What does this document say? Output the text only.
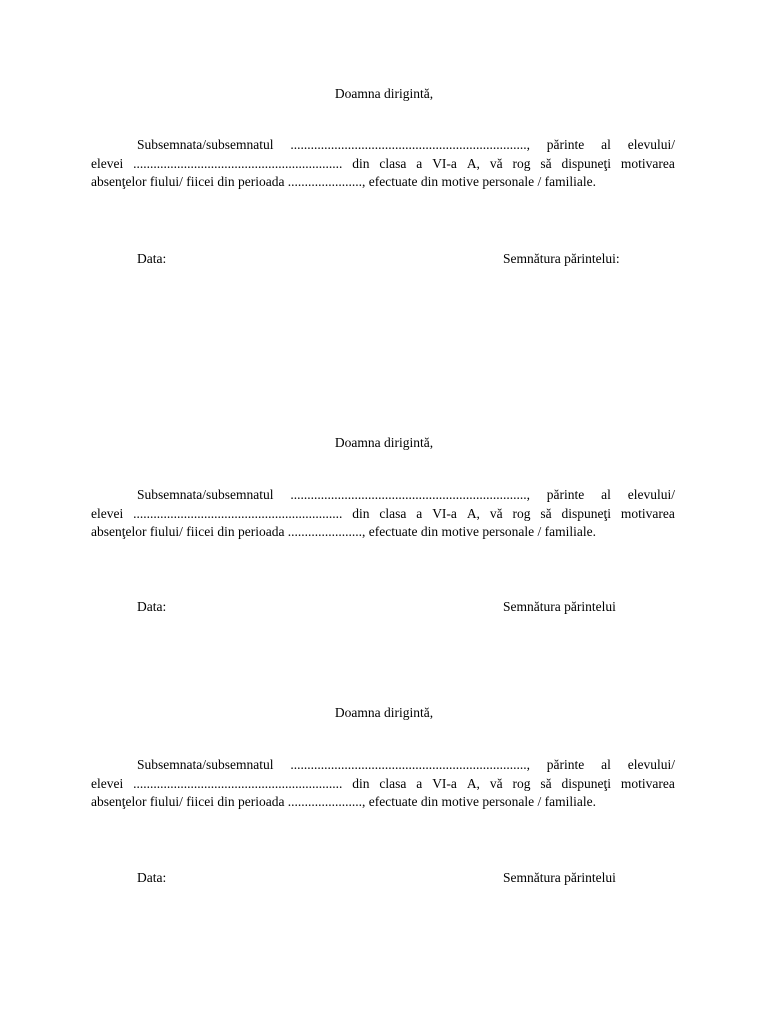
Doamna dirigintă,
Subsemnata/subsemnatul ......................................................................, părinte al elevului/
elevei .............................................................. din clasa a VI-a A, vă rog să dispuneţi motivarea
absenţelor fiului/ fiicei din perioada ......................, efectuate din motive personale / familiale.
Data:	Semnătura părintelui:
Doamna dirigintă,
Subsemnata/subsemnatul ......................................................................, părinte al elevului/
elevei .............................................................. din clasa a VI-a A, vă rog să dispuneţi motivarea
absenţelor fiului/ fiicei din perioada ......................, efectuate din motive personale / familiale.
Data:	Semnătura părintelui
Doamna dirigintă,
Subsemnata/subsemnatul ......................................................................, părinte al elevului/
elevei .............................................................. din clasa a VI-a A, vă rog să dispuneţi motivarea
absenţelor fiului/ fiicei din perioada ......................, efectuate din motive personale / familiale.
Data:	Semnătura părintelui
